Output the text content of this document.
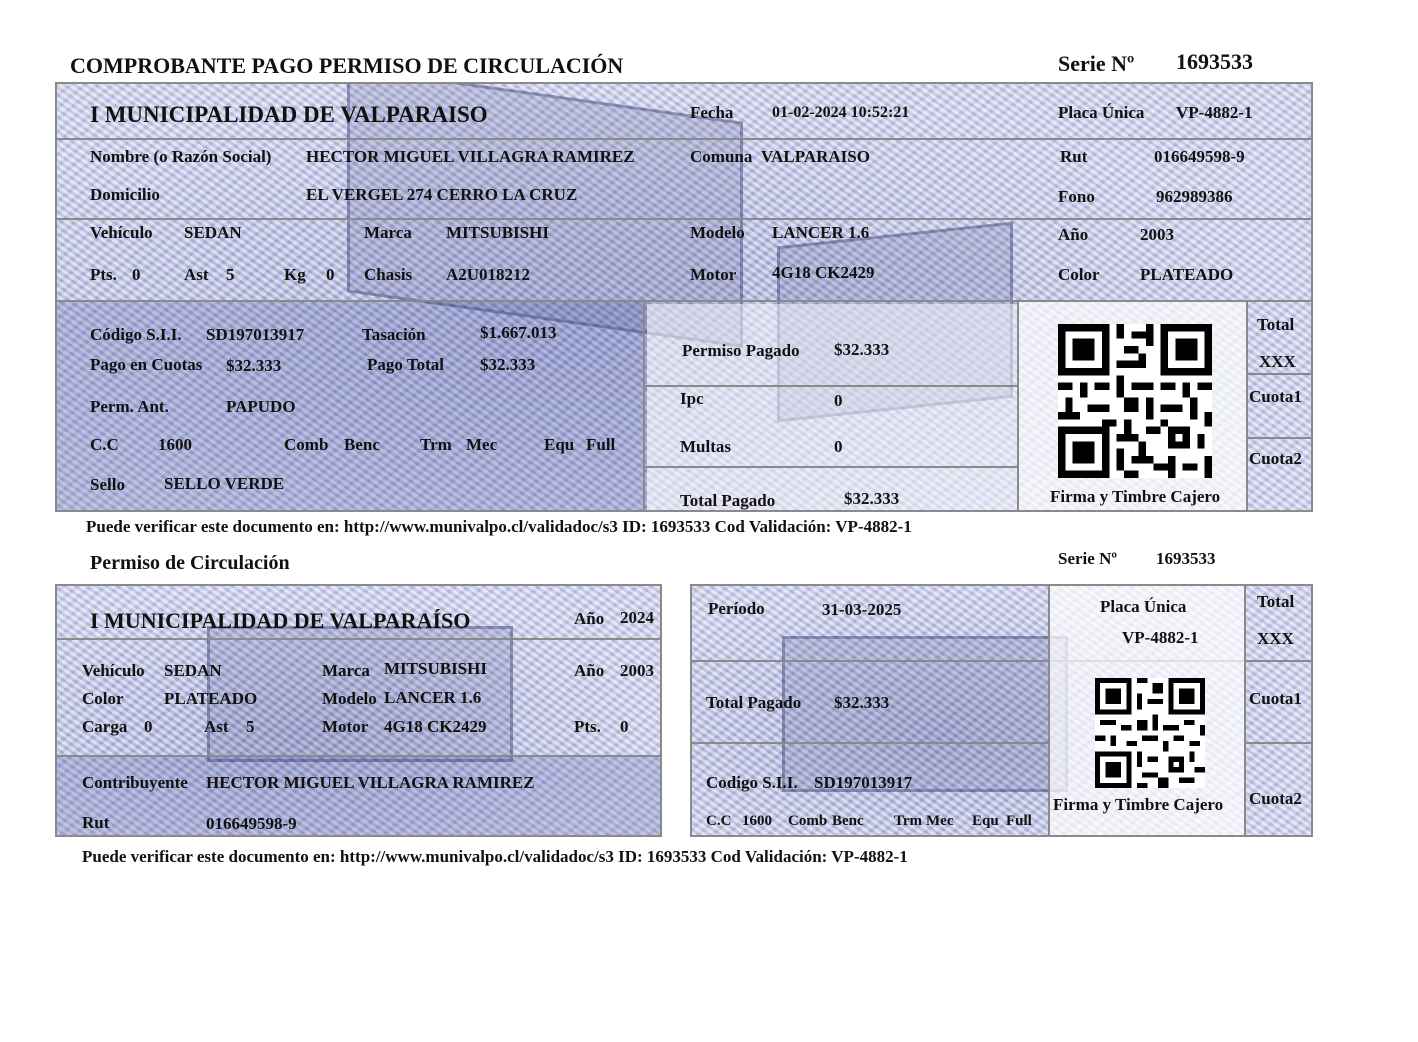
COMPROBANTE PAGO PERMISO DE CIRCULACIÓN	Serie Nº 1693533
I MUNICIPALIDAD DE VALPARAISO	Fecha 01-02-2024 10:52:21	Placa Única VP-4882-1
Nombre (o Razón Social) HECTOR MIGUEL VILLAGRA RAMIREZ	Comuna VALPARAISO	Rut	016649598-9
Domicilio	EL VERGEL 274 CERRO LA CRUZ	Fono	962989386
Vehículo SEDAN	Marca MITSUBISHI	Modelo LANCER 1.6	Año	2003
Pts. 0	Ast 5	Kg 0 Chasis A2U018212	Motor 4G18 CK2429	Color PLATEADO
Código S.I.I. SD197013917	Tasación	$1.667.013
Pago en Cuotas $32.333	Pago Total $32.333
Perm. Ant.	PAPUDO
C.C 1600	Comb Benc Trm Mec	Equ Full
Sello SELLO VERDE
Permiso Pagado $32.333
Ipc	0
Multas	0
Total Pagado	$32.333	Firma y Timbre Cajero
Total
XXX
Cuota1
Cuota2
Puede verificar este documento en: http://www.munivalpo.cl/validadoc/s3 ID: 1693533 Cod Validación: VP-4882-1
Permiso de Circulación	Serie Nº 1693533
I MUNICIPALIDAD DE VALPARAÍSO	Año 2024
Vehículo SEDAN	Marca MITSUBISHI	Año 2003
Color PLATEADO	Modelo LANCER 1.6
Carga 0	Ast 5	Motor 4G18 CK2429	Pts. 0
Contribuyente HECTOR MIGUEL VILLAGRA RAMIREZ
Rut	016649598-9
Período	31-03-2025	Placa Única
VP-4882-1
Total
XXX
Total Pagado $32.333	Cuota1
Codigo S.I.I. SD197013917
C.C 1600 Comb Benc Trm Mec Equ Full
Firma y Timbre Cajero Cuota2
Puede verificar este documento en: http://www.munivalpo.cl/validadoc/s3 ID: 1693533 Cod Validación: VP-4882-1
